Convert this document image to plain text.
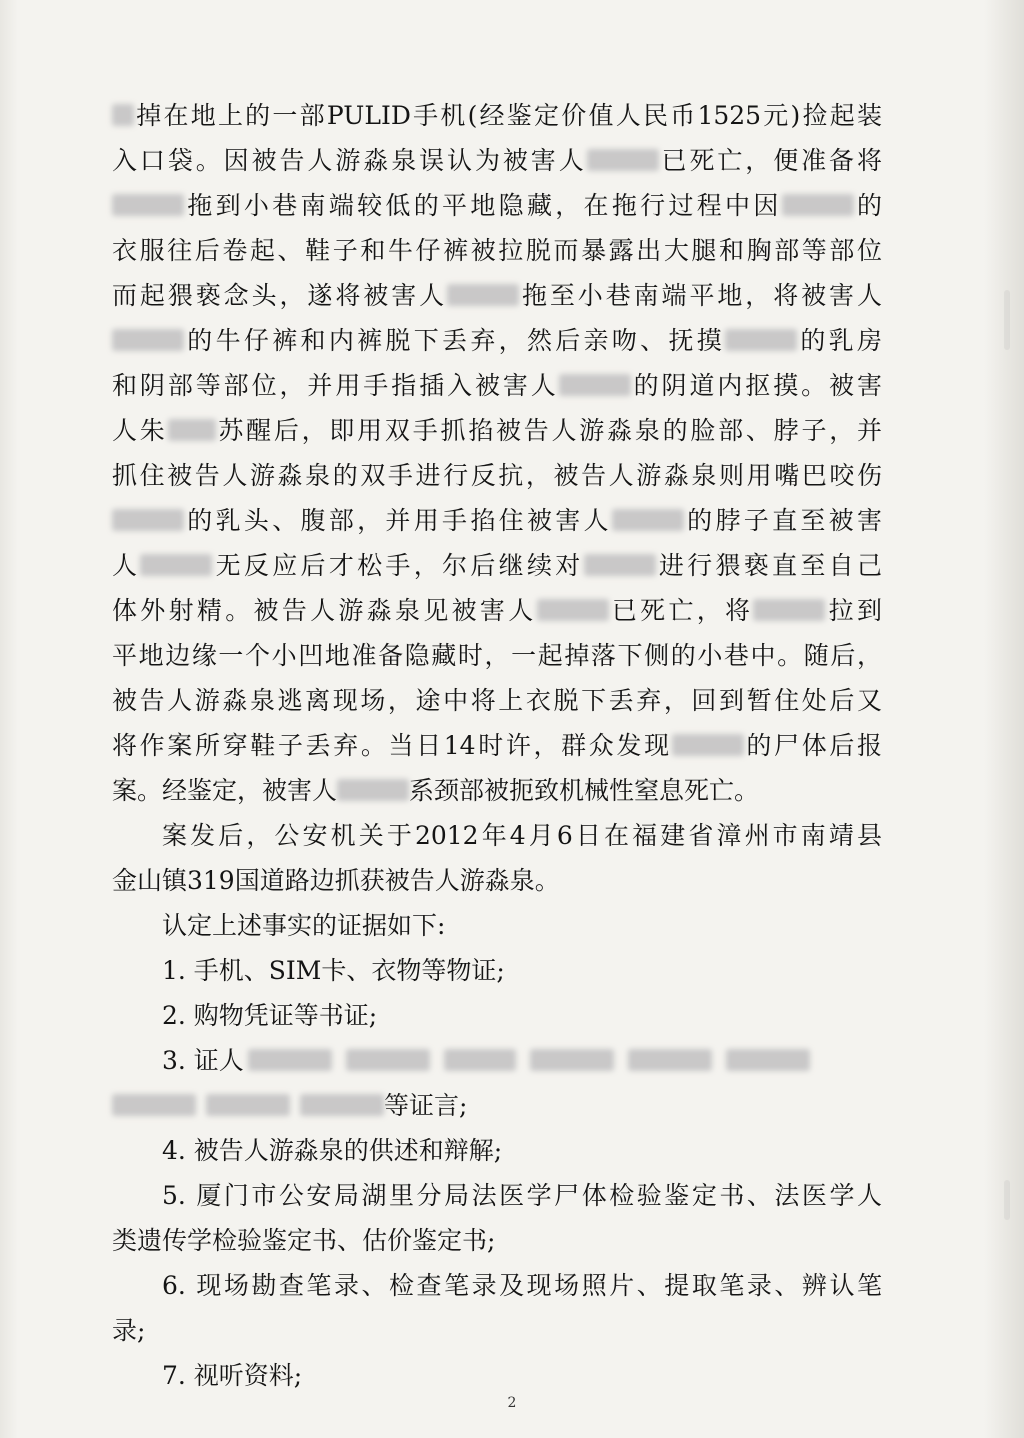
掉在地上的一部PULID手机(经鉴定价值人民币1525元)捡起装
入口袋。因被告人游淼泉误认为被害人	已死亡，便准备将
拖到小巷南端较低的平地隐藏，在拖行过程中因	的
衣服往后卷起、鞋子和牛仔裤被拉脱而暴露出大腿和胸部等部位
而起猥亵念头，遂将被害人	拖至小巷南端平地，将被害人
的牛仔裤和内裤脱下丢弃，然后亲吻、抚摸	的乳房
和阴部等部位，并用手指插入被害人	的阴道内抠摸。被害
人朱 苏醒后，即用双手抓掐被告人游淼泉的脸部、脖子，并
抓住被告人游淼泉的双手进行反抗，被告人游淼泉则用嘴巴咬伤
的乳头、腹部，并用手掐住被害人	的脖子直至被害
人	无反应后才松手，尔后继续对	进行猥亵直至自己
体外射精。被告人游淼泉见被害人	已死亡，将	拉到
平地边缘一个小凹地准备隐藏时，一起掉落下侧的小巷中。随后，
被告人游淼泉逃离现场，途中将上衣脱下丢弃，回到暂住处后又
将作案所穿鞋子丢弃。当日14时许，群众发现	的尸体后报
案。经鉴定，被害人	系颈部被扼致机械性窒息死亡。
案发后，公安机关于2012年4月6日在福建省漳州市南靖县
金山镇319国道路边抓获被告人游淼泉。
认定上述事实的证据如下:
1. 手机、SIM卡、衣物等物证;
2. 购物凭证等书证;
3. 证人
等证言;
4. 被告人游淼泉的供述和辩解;
5. 厦门市公安局湖里分局法医学尸体检验鉴定书、法医学人
类遗传学检验鉴定书、估价鉴定书;
6. 现场勘查笔录、检查笔录及现场照片、提取笔录、辨认笔
录;
7. 视听资料;
2
